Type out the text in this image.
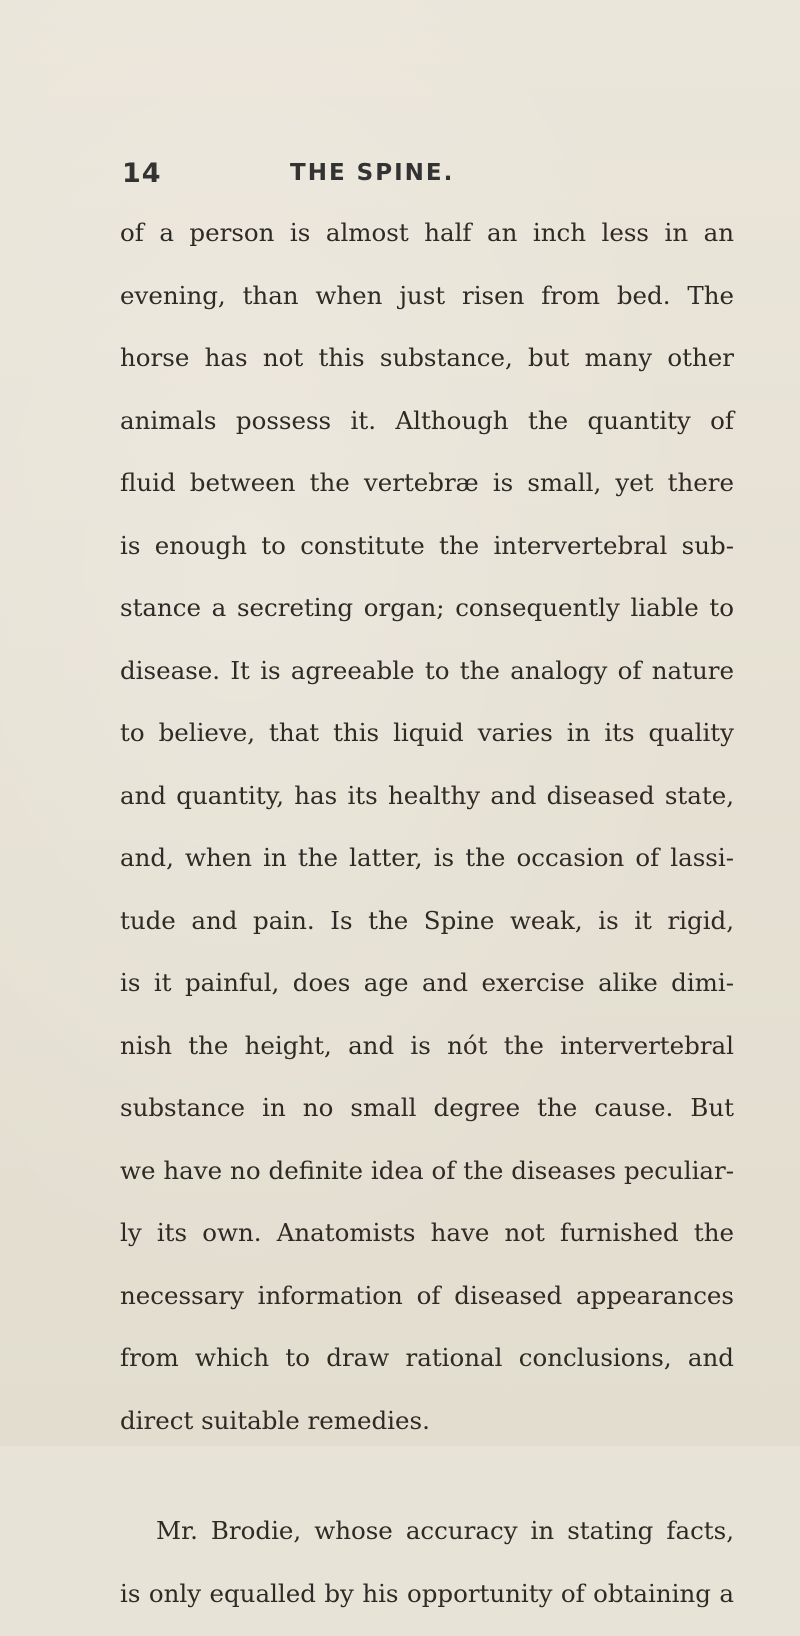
14	THE SPINE.
of a person is almost half an inch less in an
evening, than when just risen from bed. The
horse has not this substance, but many other
animals possess it. Although the quantity of
fluid between the vertebræ is small, yet there
is enough to constitute the intervertebral sub-
stance a secreting organ; consequently liable to
disease. It is agreeable to the analogy of nature
to believe, that this liquid varies in its quality
and quantity, has its healthy and diseased state,
and, when in the latter, is the occasion of lassi-
tude and pain. Is the Spine weak, is it rigid,
is it painful, does age and exercise alike dimi-
nish the height, and is nót the intervertebral
substance in no small degree the cause. But
we have no definite idea of the diseases peculiar-
ly its own. Anatomists have not furnished the
necessary information of diseased appearances
from which to draw rational conclusions, and
direct suitable remedies.
Mr. Brodie, whose accuracy in stating facts,
is only equalled by his opportunity of obtaining a
